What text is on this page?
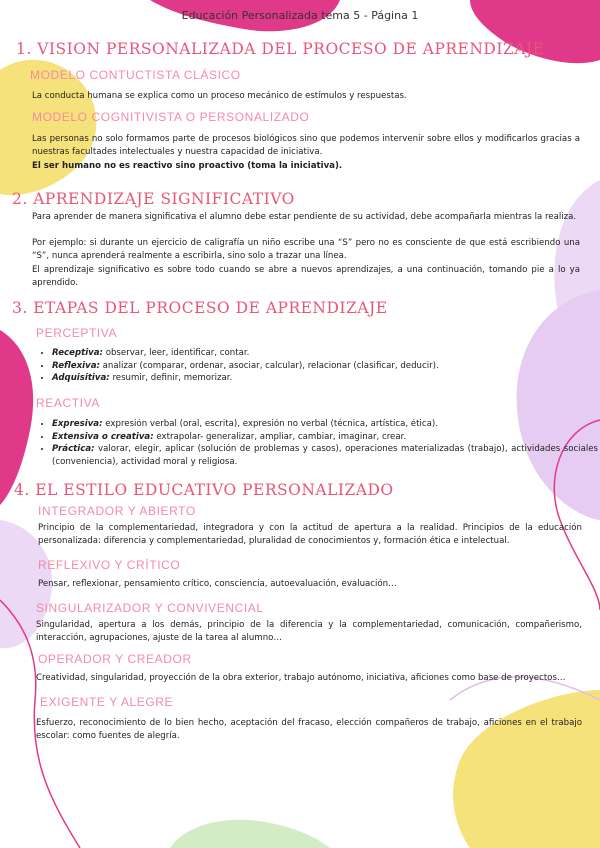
Educación Personalizada tema 5 - Página 1
1. VISION PERSONALIZADA DEL PROCESO DE APRENDIZAJE
MODELO CONTUCTISTA CLÁSICO
La conducta humana se explica como un proceso mecánico de estímulos y respuestas.
MODELO COGNITIVISTA O PERSONALIZADO
Las personas no solo formamos parte de procesos biológicos sino que podemos intervenir sobre ellos y modificarlos gracias a nuestras facultades intelectuales y nuestra capacidad de iniciativa.
El ser humano no es reactivo sino proactivo (toma la iniciativa).
2. APRENDIZAJE SIGNIFICATIVO
Para aprender de manera significativa el alumno debe estar pendiente de su actividad, debe acompañarla mientras la realiza.
Por ejemplo: si durante un ejercicio de caligrafía un niño escribe una “S” pero no es consciente de que está escribiendo una “S”, nunca aprenderá realmente a escribirla, sino solo a trazar una línea.
El aprendizaje significativo es sobre todo cuando se abre a nuevos aprendizajes, a una continuación, tomando pie a lo ya aprendido.
3. ETAPAS DEL PROCESO DE APRENDIZAJE
PERCEPTIVA
• Receptiva: observar, leer, identificar, contar.
• Reflexiva: analizar (comparar, ordenar, asociar, calcular), relacionar (clasificar, deducir).
• Adquisitiva: resumir, definir, memorizar.
REACTIVA
• Expresiva: expresión verbal (oral, escrita), expresión no verbal (técnica, artística, ética).
• Extensiva o creativa: extrapolar- generalizar, ampliar, cambiar, imaginar, crear.
• Práctica: valorar, elegir, aplicar (solución de problemas y casos), operaciones materializadas (trabajo), actividades sociales (conveniencia), actividad moral y religiosa.
4. EL ESTILO EDUCATIVO PERSONALIZADO
INTEGRADOR Y ABIERTO
Principio de la complementariedad, integradora y con la actitud de apertura a la realidad. Principios de la educación personalizada: diferencia y complementariedad, pluralidad de conocimientos y, formación ética e intelectual.
REFLEXIVO Y CRÍTICO
Pensar, reflexionar, pensamiento crítico, consciencia, autoevaluación, evaluación…
SINGULARIZADOR Y CONVIVENCIAL
Singularidad, apertura a los demás, principio de la diferencia y la complementariedad, comunicación, compañerismo, interacción, agrupaciones, ajuste de la tarea al alumno…
OPERADOR Y CREADOR
Creatividad, singularidad, proyección de la obra exterior, trabajo autónomo, iniciativa, aficiones como base de proyectos…
EXIGENTE Y ALEGRE
Esfuerzo, reconocimiento de lo bien hecho, aceptación del fracaso, elección compañeros de trabajo, aficiones en el trabajo escolar: como fuentes de alegría.
